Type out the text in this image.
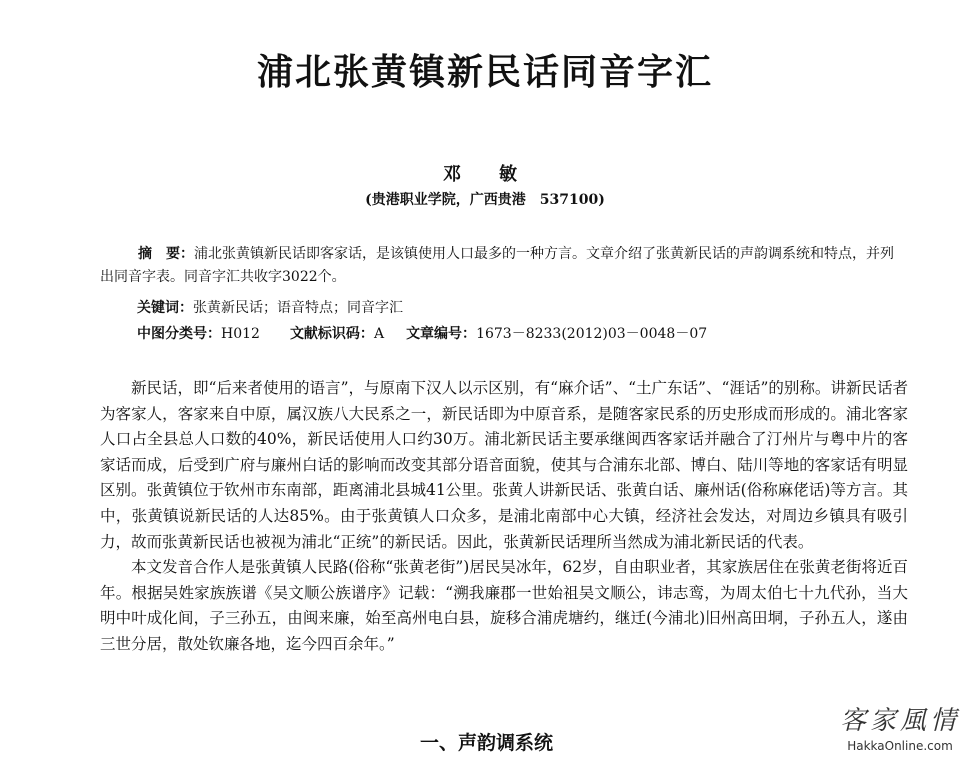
浦北张黄镇新民话同音字汇
邓　敏
(贵港职业学院，广西贵港　537100)
摘　要：浦北张黄镇新民话即客家话，是该镇使用人口最多的一种方言。文章介绍了张黄新民话的声韵调系统和特点，并列出同音字表。同音字汇共收字3022个。
关键词：张黄新民话；语音特点；同音字汇
中图分类号：H012 文献标识码：A 文章编号：1673－8233(2012)03－0048－07

新民话，即“后来者使用的语言”，与原南下汉人以示区别，有“麻介话”、“土广东话”、“涯话”的别称。讲新民话者为客家人，客家来自中原，属汉族八大民系之一，新民话即为中原音系，是随客家民系的历史形成而形成的。浦北客家人口占全县总人口数的40%，新民话使用人口约30万。浦北新民话主要承继闽西客家话并融合了汀州片与粤中片的客家话而成，后受到广府与廉州白话的影响而改变其部分语音面貌，使其与合浦东北部、博白、陆川等地的客家话有明显区别。张黄镇位于钦州市东南部，距离浦北县城41公里。张黄人讲新民话、张黄白话、廉州话(俗称麻佬话)等方言。其中，张黄镇说新民话的人达85%。由于张黄镇人口众多，是浦北南部中心大镇，经济社会发达，对周边乡镇具有吸引力，故而张黄新民话也被视为浦北“正统”的新民话。因此，张黄新民话理所当然成为浦北新民话的代表。

本文发音合作人是张黄镇人民路(俗称“张黄老街”)居民吴冰年，62岁，自由职业者，其家族居住在张黄老街将近百年。根据吴姓家族族谱《吴文顺公族谱序》记载：“溯我廉郡一世始祖吴文顺公，讳志鸾，为周太伯七十九代孙，当大明中叶成化间，子三孙五，由闽来廉，始至高州电白县，旋移合浦虎塘约，继迁(今浦北)旧州高田垌，子孙五人，遂由三世分居，散处钦廉各地，迄今四百余年。”

一、声韵调系统
客家風情
HakkaOnline.com
